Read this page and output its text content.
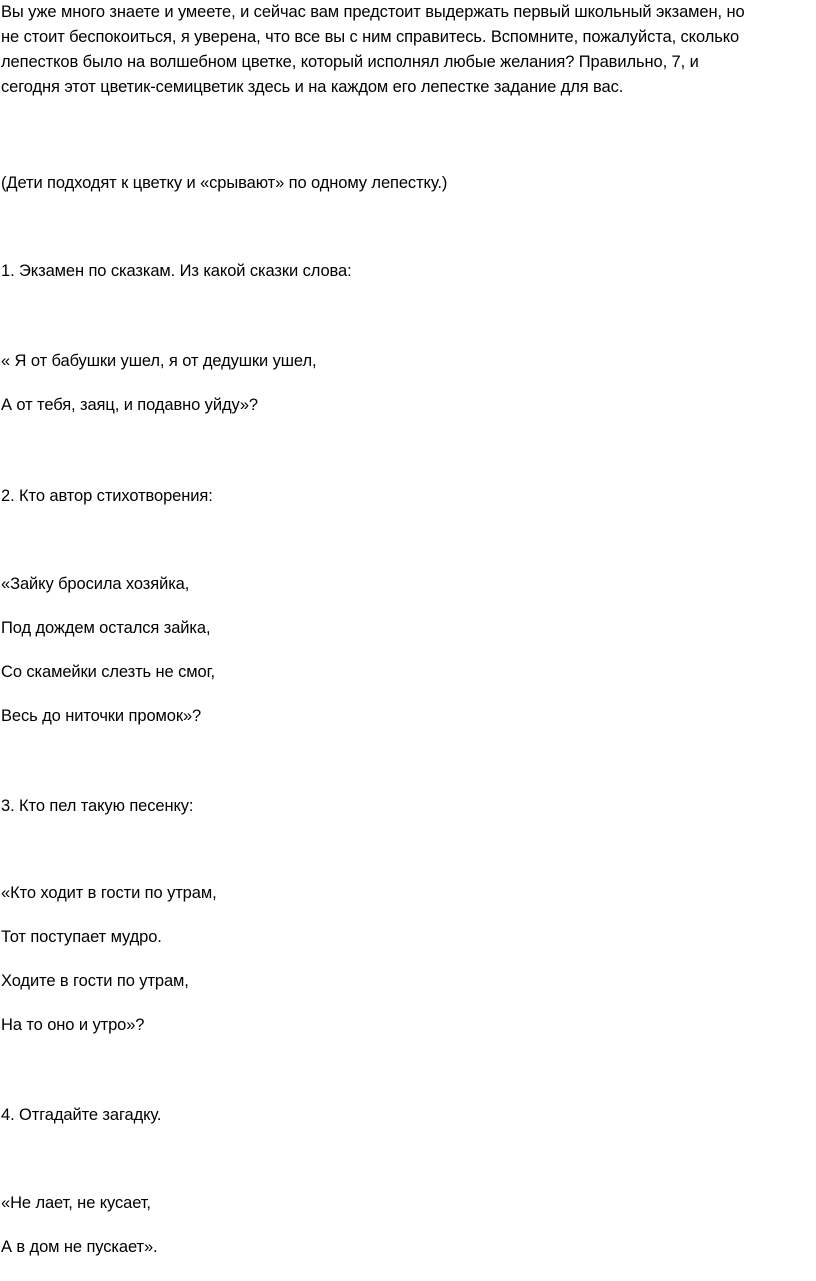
Вы уже много знаете и умеете, и сейчас вам предстоит выдержать первый школьный экзамен, но
не стоит беспокоиться, я уверена, что все вы с ним справитесь. Вспомните, пожалуйста, сколько
лепестков было на волшебном цветке, который исполнял любые желания? Правильно, 7, и
сегодня этот цветик-семицветик здесь и на каждом его лепестке задание для вас.
(Дети подходят к цветку и «срывают» по одному лепестку.)
1. Экзамен по сказкам. Из какой сказки слова:
« Я от бабушки ушел, я от дедушки ушел,
А от тебя, заяц, и подавно уйду»?
2. Кто автор стихотворения:
«Зайку бросила хозяйка,
Под дождем остался зайка,
Со скамейки слезть не смог,
Весь до ниточки промок»?
3. Кто пел такую песенку:
«Кто ходит в гости по утрам,
Тот поступает мудро.
Ходите в гости по утрам,
На то оно и утро»?
4. Отгадайте загадку.
«Не лает, не кусает,
А в дом не пускает».
